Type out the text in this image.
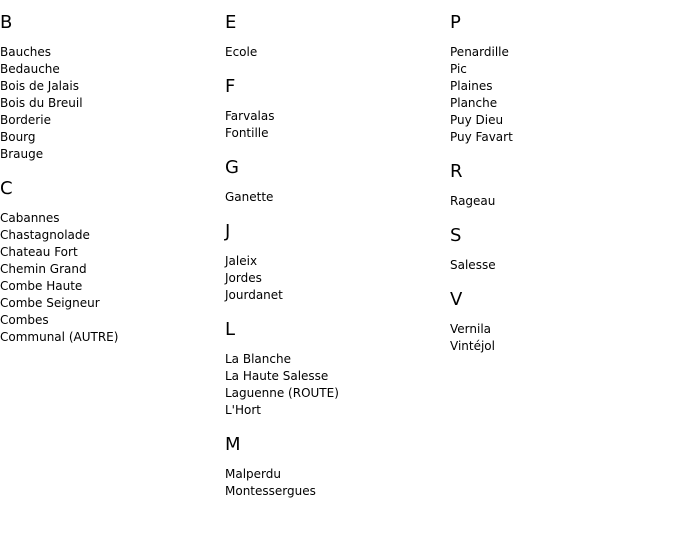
B
Bauches
Bedauche
Bois de Jalais
Bois du Breuil
Borderie
Bourg
Brauge
C
Cabannes
Chastagnolade
Chateau Fort
Chemin Grand
Combe Haute
Combe Seigneur
Combes
Communal (AUTRE)
E
Ecole
F
Farvalas
Fontille
G
Ganette
J
Jaleix
Jordes
Jourdanet
L
La Blanche
La Haute Salesse
Laguenne (ROUTE)
L'Hort
M
Malperdu
Montessergues
P
Penardille
Pic
Plaines
Planche
Puy Dieu
Puy Favart
R
Rageau
S
Salesse
V
Vernila
Vintéjol
